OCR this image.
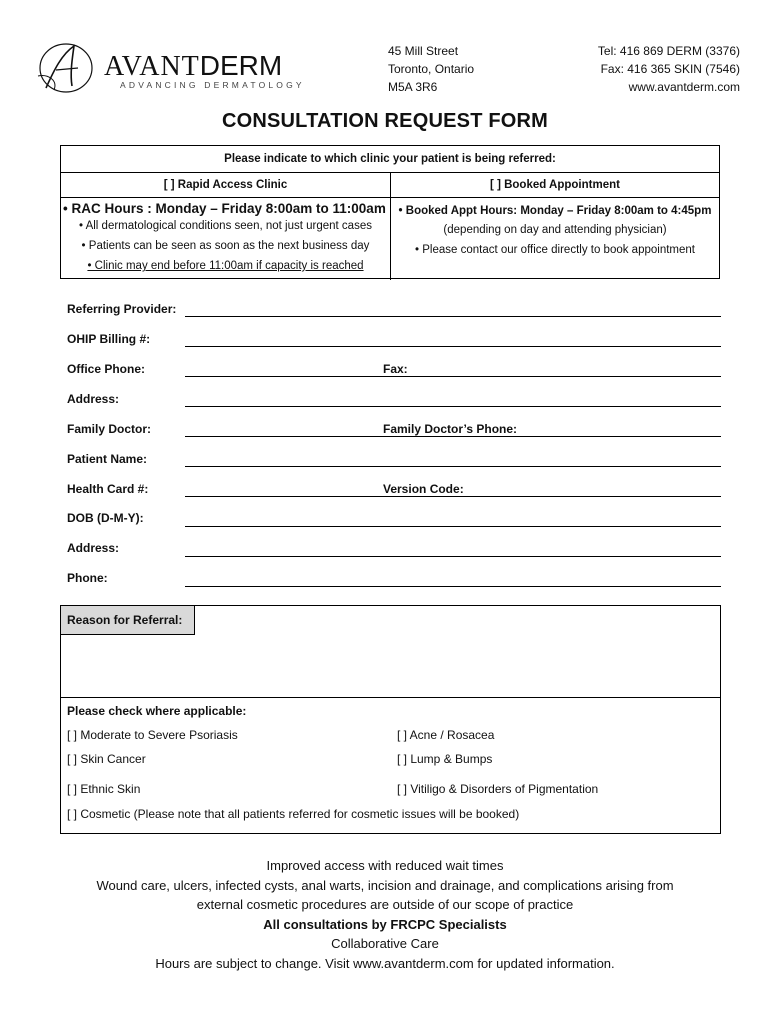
AVANTDERM
ADVANCING DERMATOLOGY
45 Mill Street
Toronto, Ontario
M5A 3R6
Tel: 416 869 DERM (3376)
Fax: 416 365 SKIN (7546)
www.avantderm.com
CONSULTATION REQUEST FORM
Please indicate to which clinic your patient is being referred:
[ ] Rapid Access Clinic	[ ] Booked Appointment
• RAC Hours : Monday – Friday 8:00am to 11:00am
• All dermatological conditions seen, not just urgent cases
• Patients can be seen as soon as the next business day
• Clinic may end before 11:00am if capacity is reached
• Booked Appt Hours: Monday – Friday 8:00am to 4:45pm
(depending on day and attending physician)
• Please contact our office directly to book appointment
Referring Provider:
OHIP Billing #:
Office Phone:	Fax:
Address:
Family Doctor:	Family Doctor’s Phone:
Patient Name:
Health Card #:	Version Code:
DOB (D-M-Y):
Address:
Phone:
Reason for Referral:
Please check where applicable:
[ ] Moderate to Severe Psoriasis	[ ] Acne / Rosacea
[ ] Skin Cancer	[ ] Lump & Bumps
[ ] Ethnic Skin	[ ] Vitiligo & Disorders of Pigmentation
[ ] Cosmetic (Please note that all patients referred for cosmetic issues will be booked)
Improved access with reduced wait times
Wound care, ulcers, infected cysts, anal warts, incision and drainage, and complications arising from
external cosmetic procedures are outside of our scope of practice
All consultations by FRCPC Specialists
Collaborative Care
Hours are subject to change. Visit www.avantderm.com for updated information.
